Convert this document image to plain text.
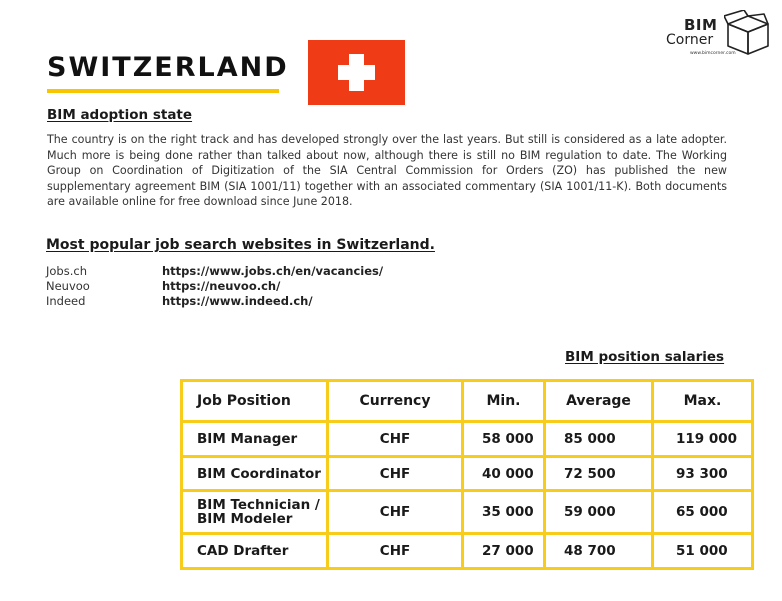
BIM
Corner
www.bimcorner.com
SWITZERLAND
BIM adoption state

The country is on the right track and has developed strongly over the last years. But still is considered as a late adopter. Much more is being done rather than talked about now, although there is still no BIM regulation to date. The Working Group on Coordination of Digitization of the SIA Central Commission for Orders (ZO) has published the new supplementary agreement BIM (SIA 1001/11) together with an associated commentary (SIA 1001/11-K). Both documents are available online for free download since June 2018.

Most popular job search websites in Switzerland.
Jobs.ch	https://www.jobs.ch/en/vacancies/
Neuvoo	https://neuvoo.ch/
Indeed	https://www.indeed.ch/
BIM position salaries
Job Position	Currency	Min.	Average	Max.
BIM Manager	CHF	58 000	85 000	119 000
BIM Coordinator	CHF	40 000	72 500	93 300

BIM Technician /
BIM Modeler	CHF	35 000	59 000	65 000
CAD Drafter	CHF	27 000	48 700	51 000
